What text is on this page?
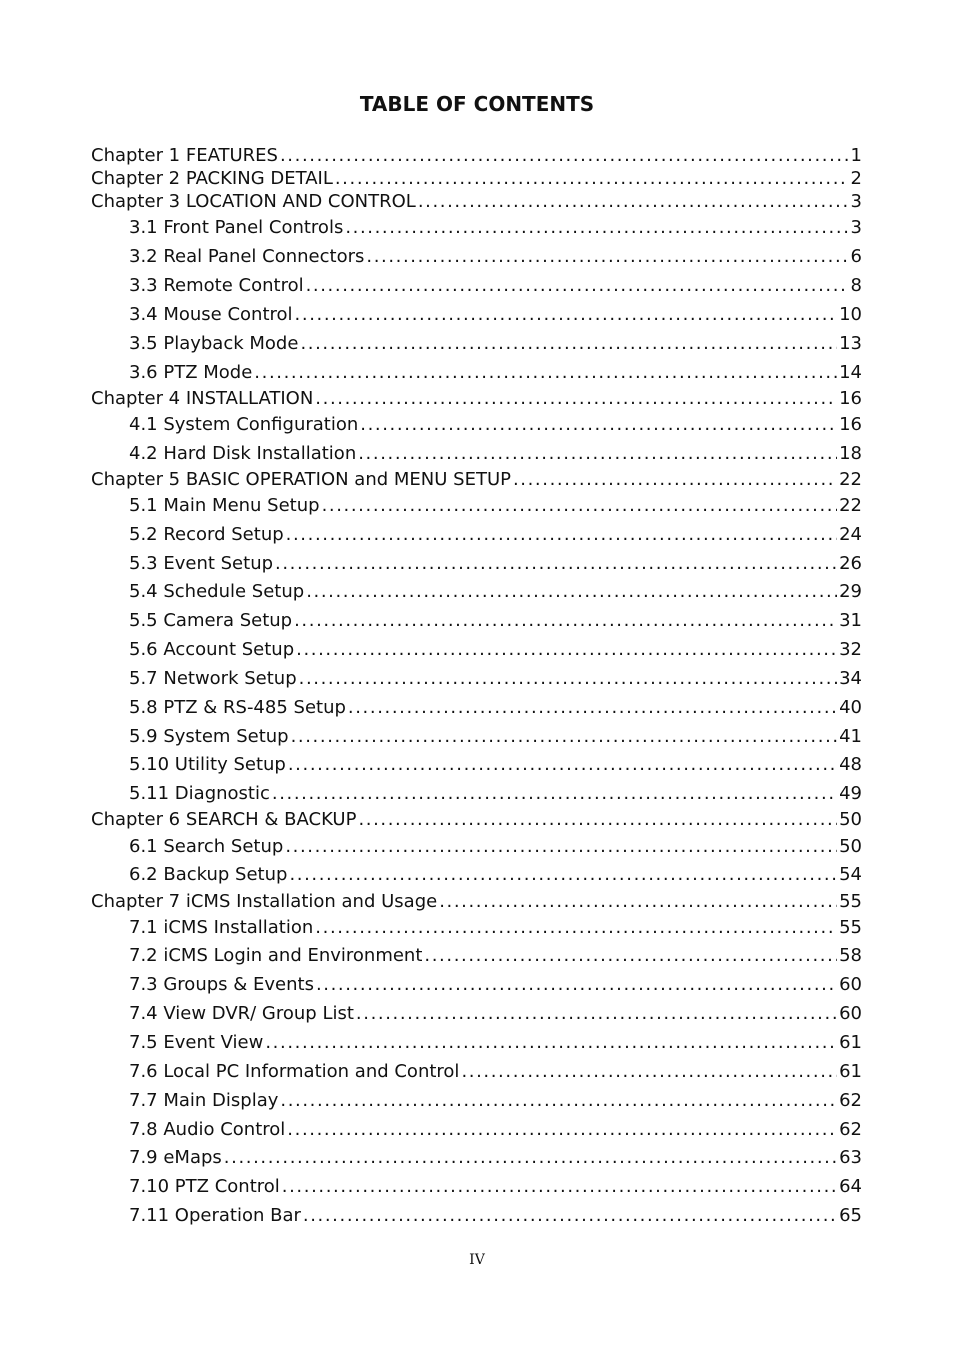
TABLE OF CONTENTS
Chapter 1 FEATURES .....	1
Chapter 2 PACKING DETAIL .....	2
Chapter 3 LOCATION AND CONTROL .....	3
3.1 Front Panel Controls .....	3
3.2 Real Panel Connectors .....	6
3.3 Remote Control .....	8
3.4 Mouse Control .....	10
3.5 Playback Mode .....	13
3.6 PTZ Mode .....	14
Chapter 4 INSTALLATION .....	16
4.1 System Configuration .....	16
4.2 Hard Disk Installation .....	18
Chapter 5 BASIC OPERATION and MENU SETUP .....	22
5.1 Main Menu Setup .....	22
5.2 Record Setup .....	24
5.3 Event Setup .....	26
5.4 Schedule Setup .....	29
5.5 Camera Setup .....	31
5.6 Account Setup .....	32
5.7 Network Setup .....	34
5.8 PTZ & RS-485 Setup .....	40
5.9 System Setup .....	41
5.10 Utility Setup .....	48
5.11 Diagnostic .....	49
Chapter 6 SEARCH & BACKUP .....	50
6.1 Search Setup .....	50
6.2 Backup Setup .....	54
Chapter 7 iCMS Installation and Usage .....	55
7.1 iCMS Installation .....	55
7.2 iCMS Login and Environment .....	58
7.3 Groups & Events .....	60
7.4 View DVR/ Group List .....	60
7.5 Event View .....	61
7.6 Local PC Information and Control .....	61
7.7 Main Display .....	62
7.8 Audio Control .....	62
7.9 eMaps .....	63
7.10 PTZ Control .....	64
7.11 Operation Bar .....	65
IV
